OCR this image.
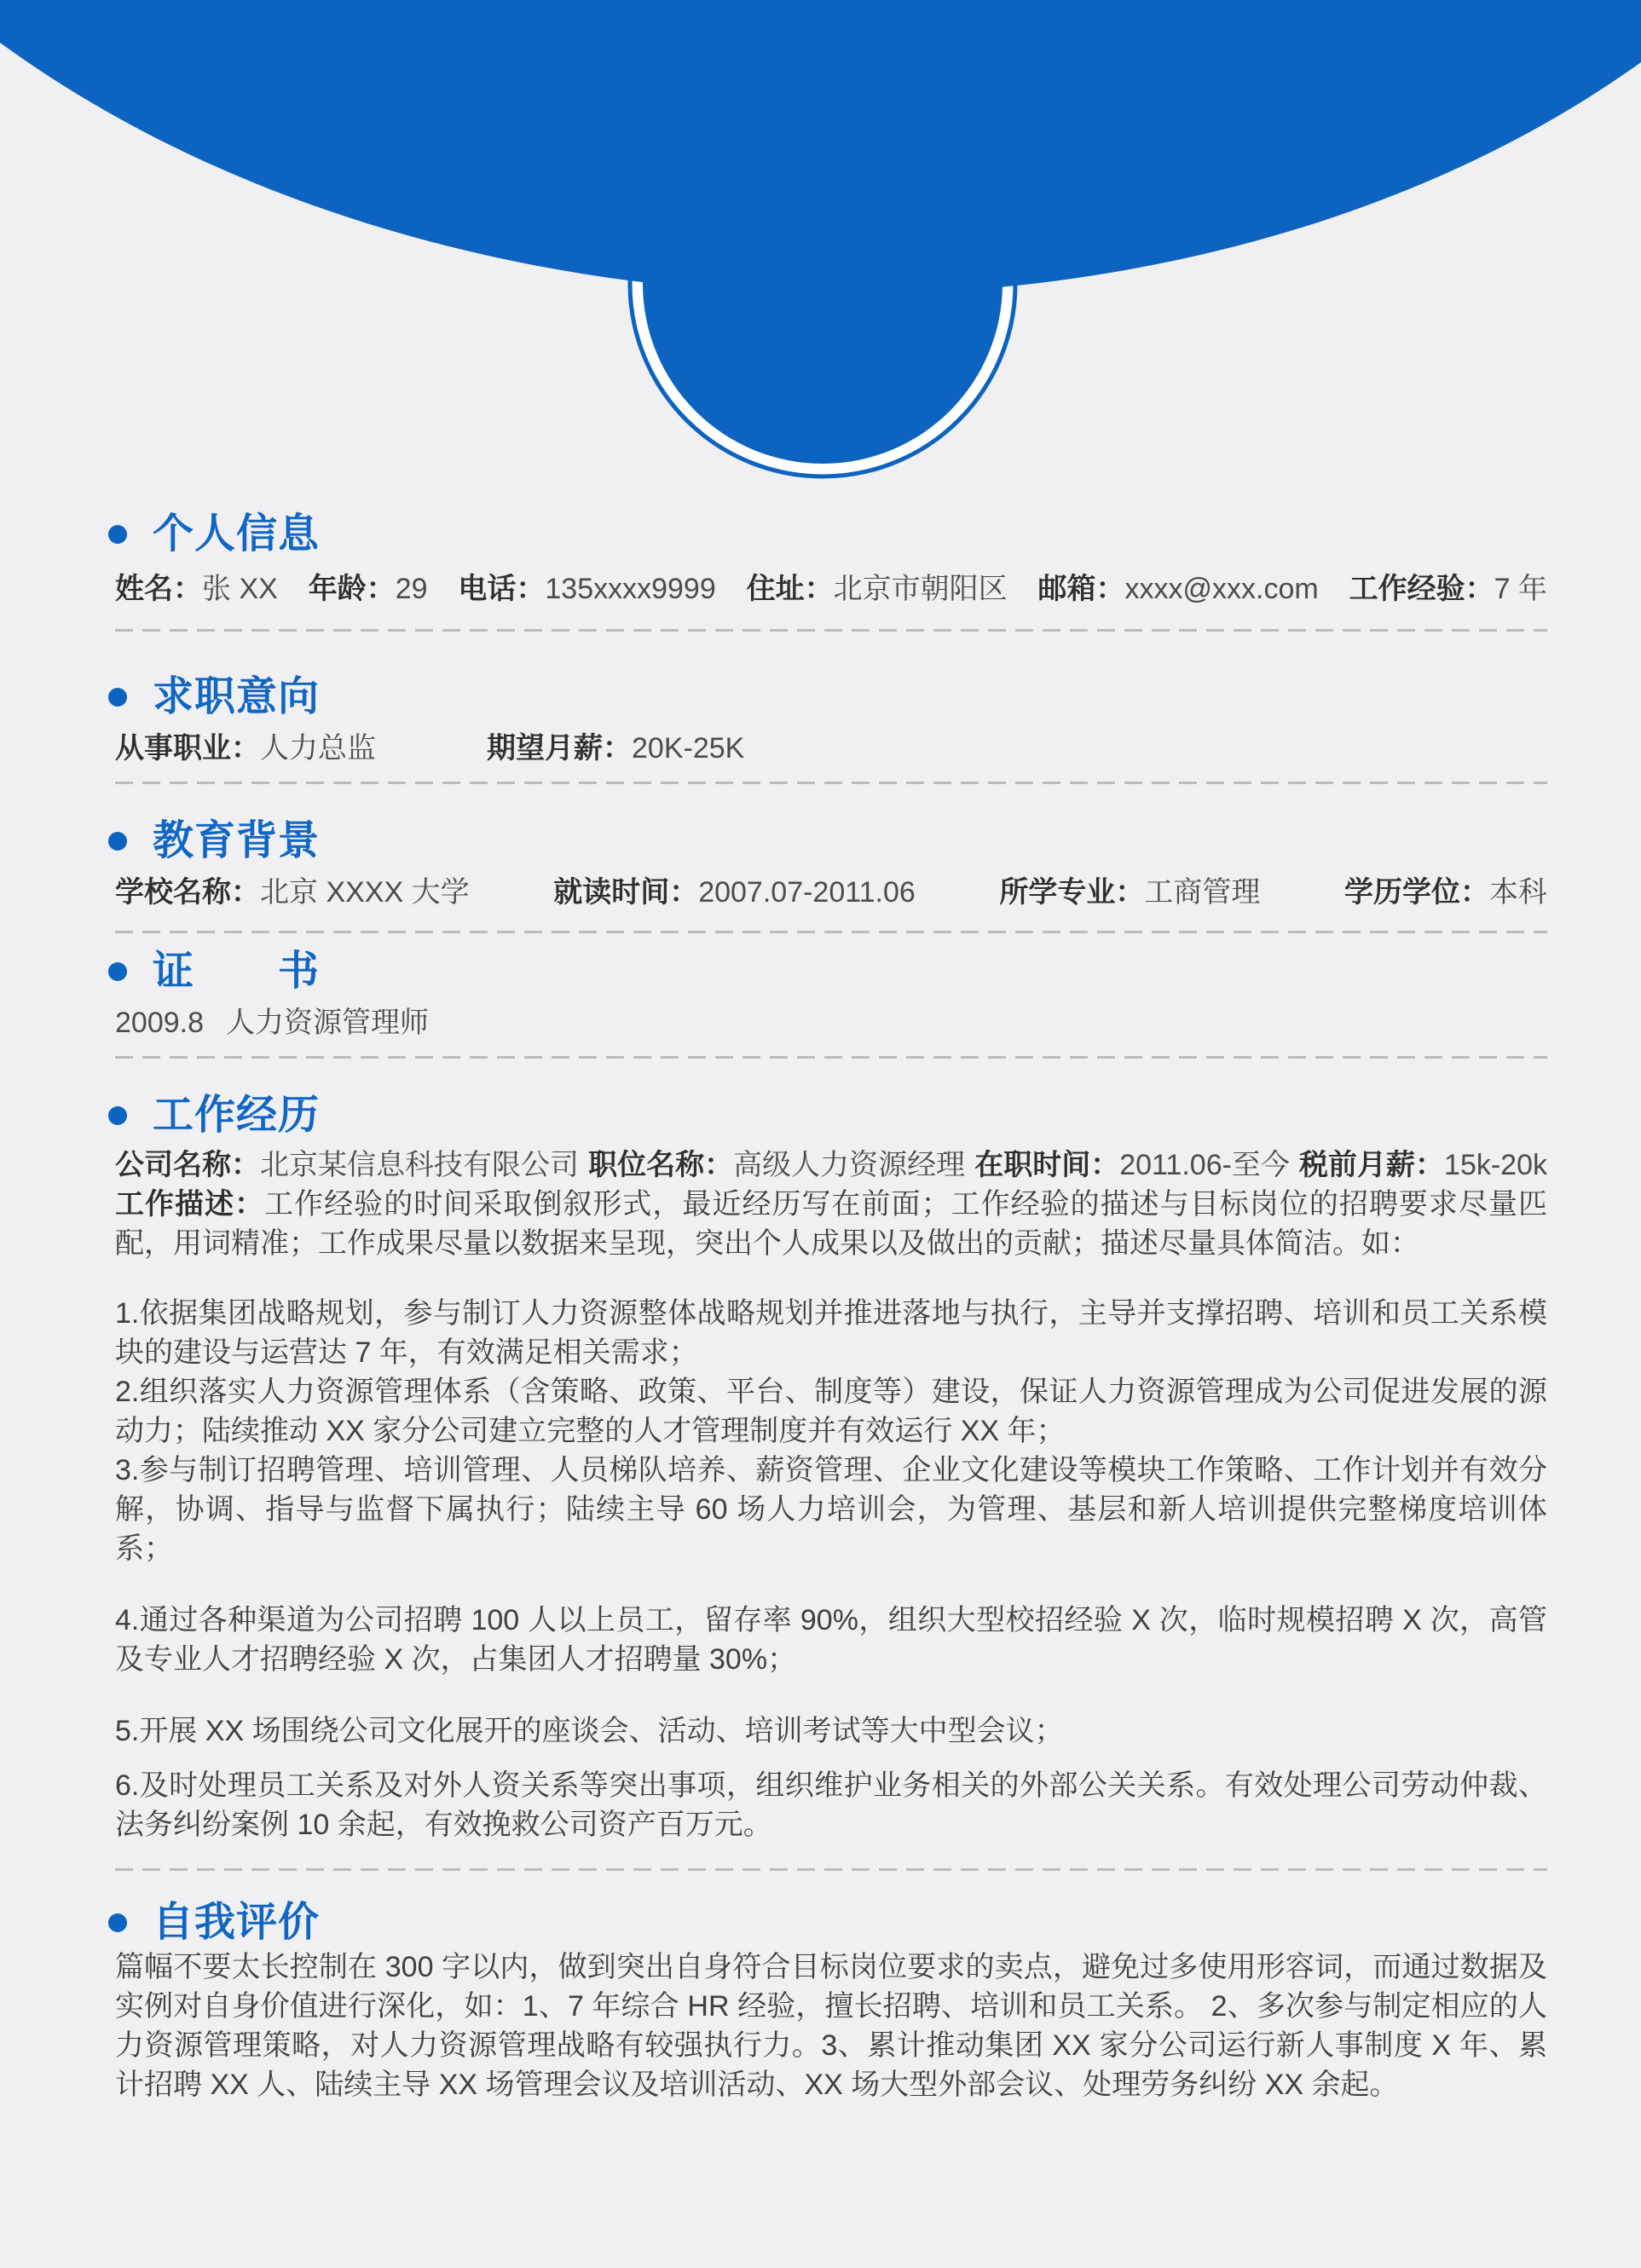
个人信息
姓名：张 XX 年龄：29 电话：135xxxx9999 住址：北京市朝阳区 邮箱：xxxx@xxx.com 工作经验：7 年
求职意向
从事职业：人力总监	期望月薪：20K-25K
教育背景
学校名称：北京 XXXX 大学	就读时间：2007.07-2011.06	所学专业：工商管理	学历学位：本科
证　　书
2009.8 人力资源管理师
工作经历
公司名称：北京某信息科技有限公司 职位名称：高级人力资源经理 在职时间：2011.06-至今 税前月薪：15k-20k

工作描述：工作经验的时间采取倒叙形式，最近经历写在前面；工作经验的描述与目标岗位的招聘要求尽量匹配，用词精准；工作成果尽量以数据来呈现，突出个人成果以及做出的贡献；描述尽量具体简洁。如：

1.依据集团战略规划，参与制订人力资源整体战略规划并推进落地与执行，主导并支撑招聘、培训和员工关系模块的建设与运营达 7 年，有效满足相关需求；

2.组织落实人力资源管理体系（含策略、政策、平台、制度等）建设，保证人力资源管理成为公司促进发展的源动力；陆续推动 XX 家分公司建立完整的人才管理制度并有效运行 XX 年；

3.参与制订招聘管理、培训管理、人员梯队培养、薪资管理、企业文化建设等模块工作策略、工作计划并有效分解，协调、指导与监督下属执行；陆续主导 60 场人力培训会，为管理、基层和新人培训提供完整梯度培训体系；

4.通过各种渠道为公司招聘 100 人以上员工，留存率 90%，组织大型校招经验 X 次，临时规模招聘 X 次，高管及专业人才招聘经验 X 次，占集团人才招聘量 30%；

5.开展 XX 场围绕公司文化展开的座谈会、活动、培训考试等大中型会议；

6.及时处理员工关系及对外人资关系等突出事项，组织维护业务相关的外部公关关系。有效处理公司劳动仲裁、法务纠纷案例 10 余起，有效挽救公司资产百万元。

自我评价

篇幅不要太长控制在 300 字以内，做到突出自身符合目标岗位要求的卖点，避免过多使用形容词，而通过数据及实例对自身价值进行深化，如：1、7 年综合 HR 经验，擅长招聘、培训和员工关系。 2、多次参与制定相应的人力资源管理策略，对人力资源管理战略有较强执行力。3、累计推动集团 XX 家分公司运行新人事制度 X 年、累计招聘 XX 人、陆续主导 XX 场管理会议及培训活动、XX 场大型外部会议、处理劳务纠纷 XX 余起。
